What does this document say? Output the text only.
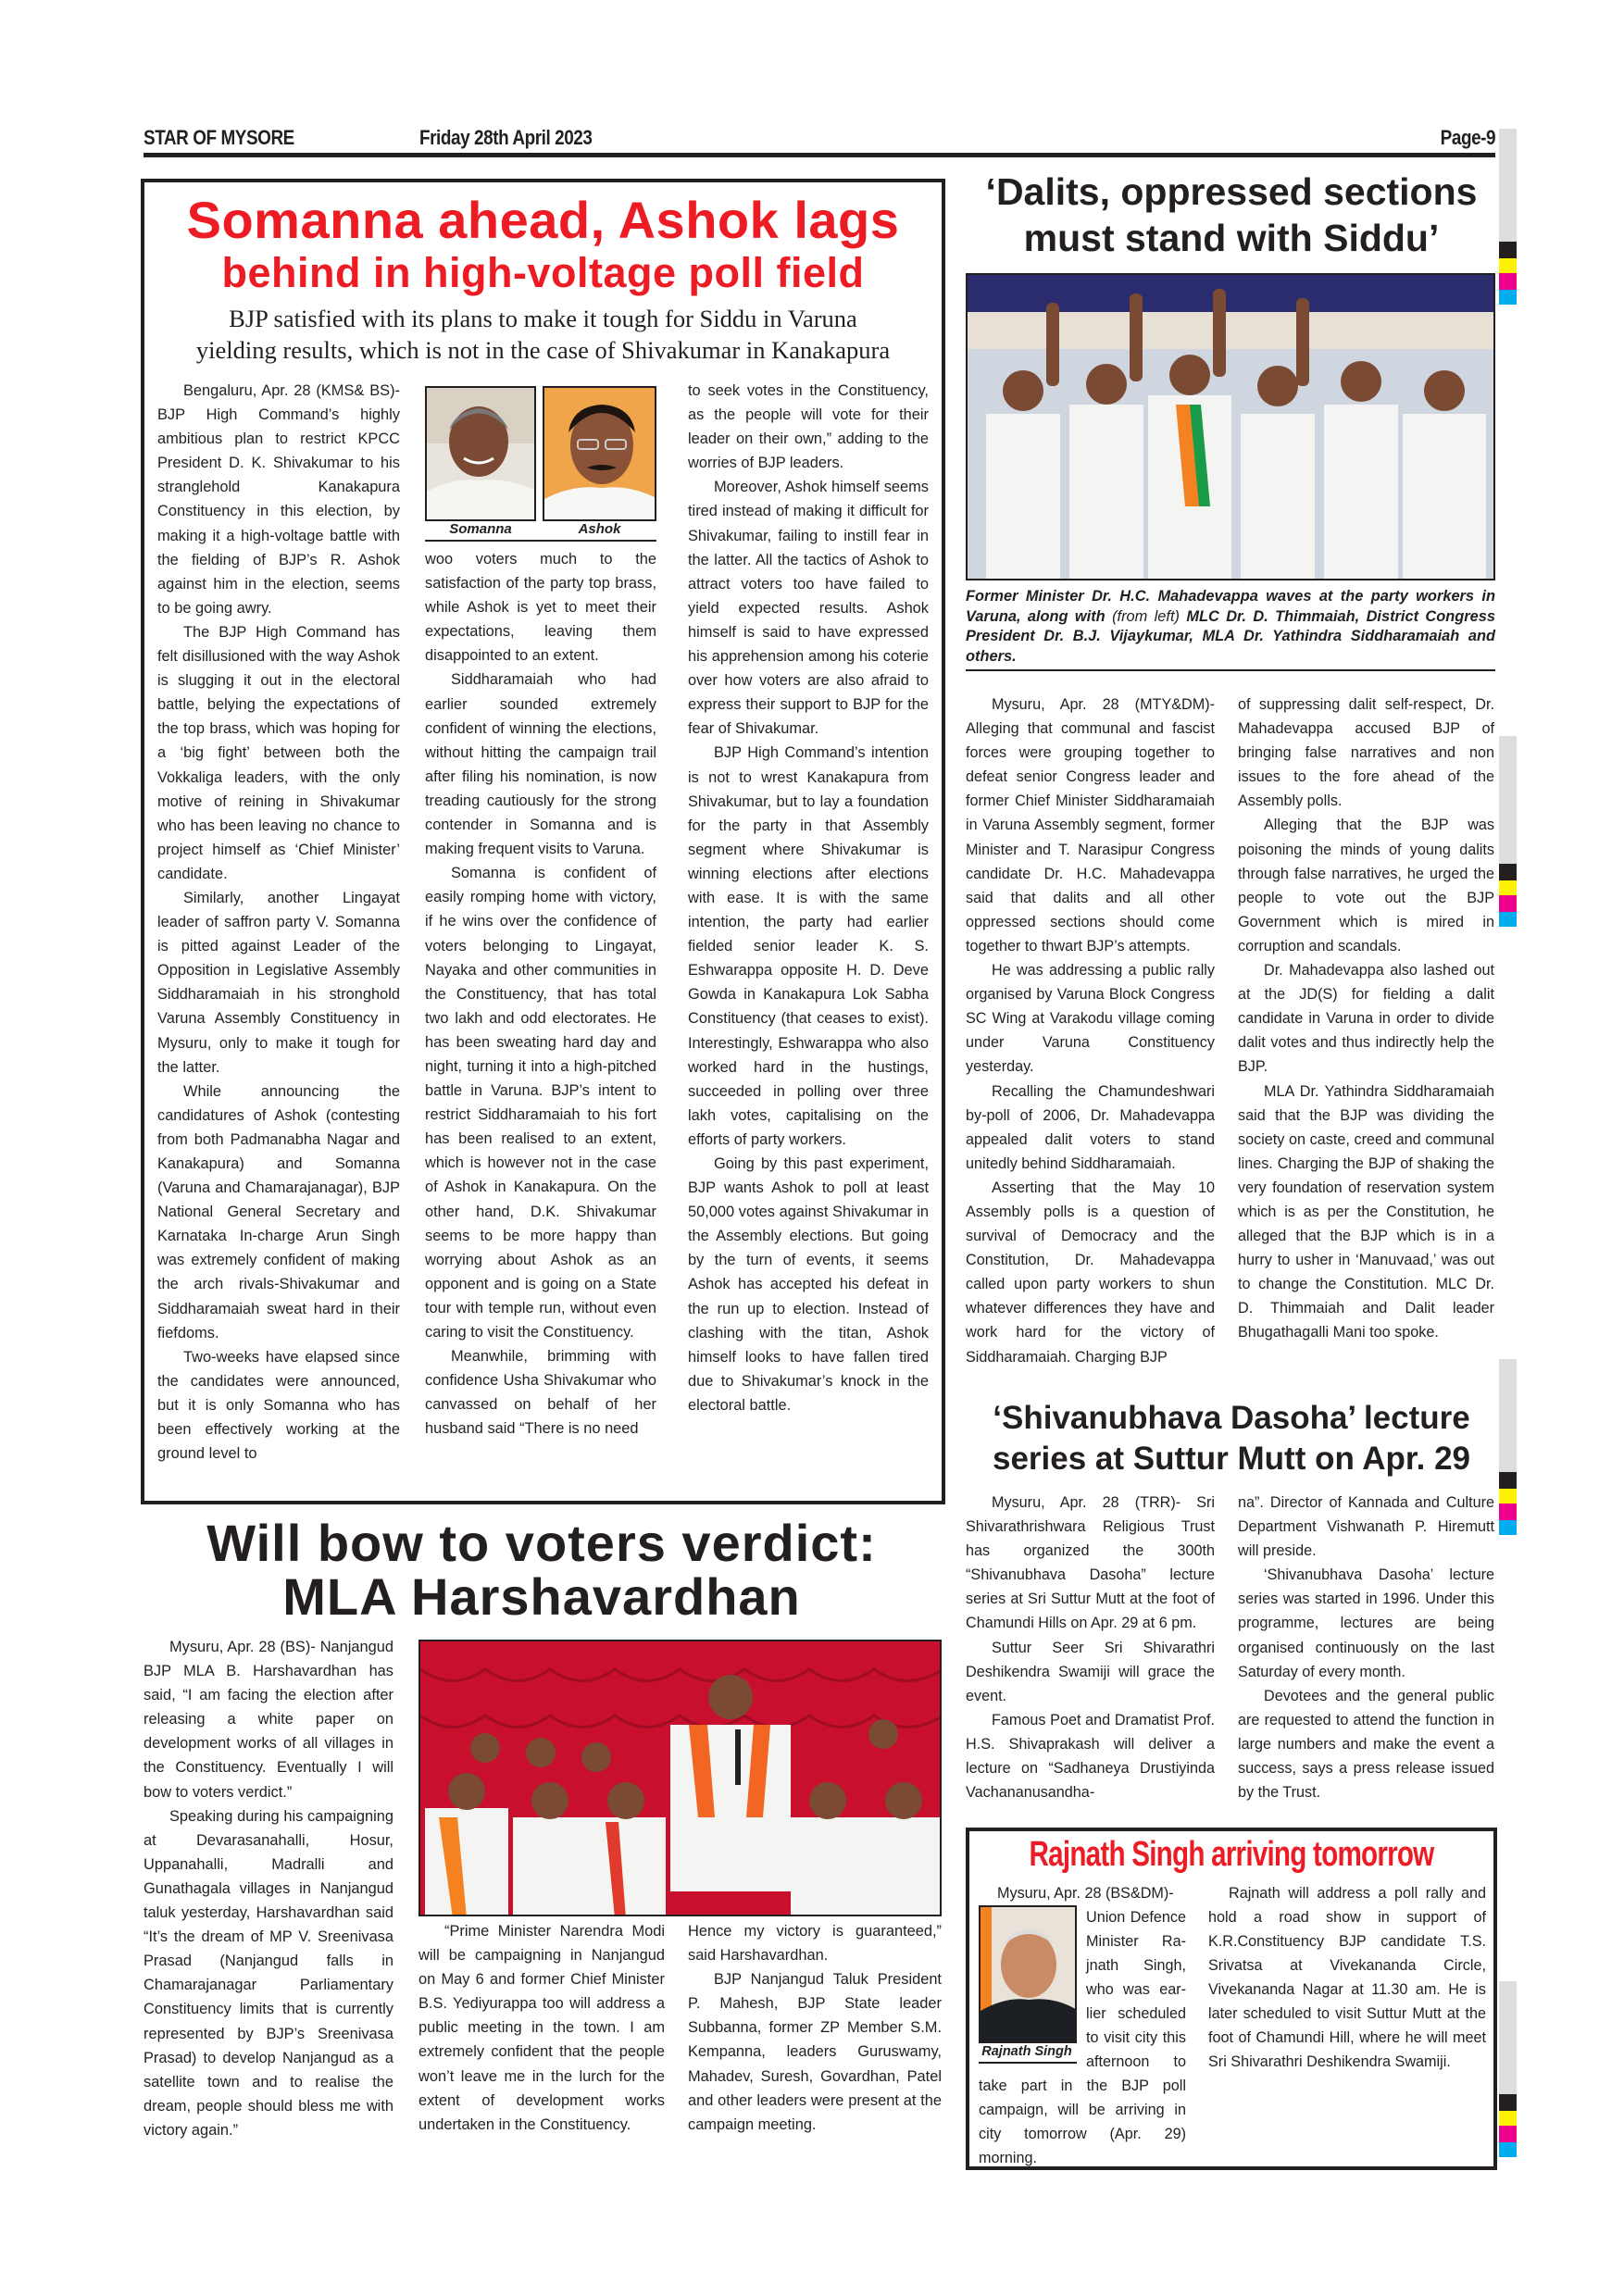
STAR OF MYSORE	Friday 28th April 2023	Page-9
Somanna ahead, Ashok lags
behind in high-voltage poll field
BJP satisfied with its plans to make it tough for Siddu in Varuna
yielding results, which is not in the case of Shivakumar in Kanakapura
Somanna	Ashok

Bengaluru, Apr. 28 (KMS& BS)- BJP High Command’s highly ambitious plan to restrict KPCC President D. K. Shivakumar to his stranglehold Kanakapura Constituency in this election, by making it a high-voltage battle with the fielding of BJP’s R. Ashok against him in the election, seems to be going awry.

The BJP High Command has felt disillusioned with the way Ashok is slugging it out in the electoral battle, belying the expectations of the top brass, which was hoping for a ‘big fight’ between both the Vokkaliga leaders, with the only motive of reining in Shivakumar who has been leaving no chance to project himself as ‘Chief Minister’ candidate.

Similarly, another Lingayat leader of saffron party V. Somanna is pitted against Leader of the Opposition in Legislative Assembly Siddharamaiah in his stronghold Varuna Assembly Constituency in Mysuru, only to make it tough for the latter.

While announcing the candidatures of Ashok (contesting from both Padmanabha Nagar and Kanakapura) and Somanna (Varuna and Chamarajanagar), BJP National General Secretary and Karnataka In-charge Arun Singh was extremely confident of making the arch rivals-Shivakumar and Siddharamaiah sweat hard in their fiefdoms.

Two-weeks have elapsed since the candidates were announced, but it is only Somanna who has been effectively working at the ground level to

woo voters much to the satisfaction of the party top brass, while Ashok is yet to meet their expectations, leaving them disappointed to an extent.

Siddharamaiah who had earlier sounded extremely confident of winning the elections, without hitting the campaign trail after filing his nomination, is now treading cautiously for the strong contender in Somanna and is making frequent visits to Varuna.

Somanna is confident of easily romping home with victory, if he wins over the confidence of voters belonging to Lingayat, Nayaka and other communities in the Constituency, that has total two lakh and odd electorates. He has been sweating hard day and night, turning it into a high-pitched battle in Varuna. BJP’s intent to restrict Siddharamaiah to his fort has been realised to an extent, which is however not in the case of Ashok in Kanakapura. On the other hand, D.K. Shivakumar seems to be more happy than worrying about Ashok as an opponent and is going on a State tour with temple run, without even caring to visit the Constituency.

Meanwhile, brimming with confidence Usha Shivakumar who canvassed on behalf of her husband said “There is no need

to seek votes in the Constituency, as the people will vote for their leader on their own,” adding to the worries of BJP leaders.

Moreover, Ashok himself seems tired instead of making it difficult for Shivakumar, failing to instill fear in the latter. All the tactics of Ashok to attract voters too have failed to yield expected results. Ashok himself is said to have expressed his apprehension among his coterie over how voters are also afraid to express their support to BJP for the fear of Shivakumar.

BJP High Command’s intention is not to wrest Kanakapura from Shivakumar, but to lay a foundation for the party in that Assembly segment where Shivakumar is winning elections after elections with ease. It is with the same intention, the party had earlier fielded senior leader K. S. Eshwarappa opposite H. D. Deve Gowda in Kanakapura Lok Sabha Constituency (that ceases to exist). Interestingly, Eshwarappa who also worked hard in the hustings, succeeded in polling over three lakh votes, capitalising on the efforts of party workers.

Going by this past experiment, BJP wants Ashok to poll at least 50,000 votes against Shivakumar in the Assembly elections. But going by the turn of events, it seems Ashok has accepted his defeat in the run up to election. Instead of clashing with the titan, Ashok himself looks to have fallen tired due to Shivakumar’s knock in the electoral battle.

‘Dalits, oppressed sections
must stand with Siddu’
Former Minister Dr. H.C. Mahadevappa waves at the party workers in Varuna, along with (from left) MLC Dr. D. Thimmaiah, District Congress President Dr. B.J. Vijaykumar, MLA Dr. Yathindra Siddharamaiah and others.

Mysuru, Apr. 28 (MTY&DM)- Alleging that communal and fascist forces were grouping together to defeat senior Congress leader and former Chief Minister Siddharamaiah in Varuna Assembly segment, former Minister and T. Narasipur Congress candidate Dr. H.C. Mahadevappa said that dalits and all other oppressed sections should come together to thwart BJP’s attempts.

He was addressing a public rally organised by Varuna Block Congress SC Wing at Varakodu village coming under Varuna Constituency yesterday.

Recalling the Chamundeshwari by-poll of 2006, Dr. Mahadevappa appealed dalit voters to stand unitedly behind Siddharamaiah.

Asserting that the May 10 Assembly polls is a question of survival of Democracy and the Constitution, Dr. Mahadevappa called upon party workers to shun whatever differences they have and work hard for the victory of Siddharamaiah. Charging BJP

of suppressing dalit self-respect, Dr. Mahadevappa accused BJP of bringing false narratives and non issues to the fore ahead of the Assembly polls.

Alleging that the BJP was poisoning the minds of young dalits through false narratives, he urged the people to vote out the BJP Government which is mired in corruption and scandals.

Dr. Mahadevappa also lashed out at the JD(S) for fielding a dalit candidate in Varuna in order to divide dalit votes and thus indirectly help the BJP.

MLA Dr. Yathindra Siddharamaiah said that the BJP was dividing the society on caste, creed and communal lines. Charging the BJP of shaking the very foundation of reservation system which is as per the Constitution, he alleged that the BJP which is in a hurry to usher in ‘Manuvaad,’ was out to change the Constitution. MLC Dr. D. Thimmaiah and Dalit leader Bhugathagalli Mani too spoke.

‘Shivanubhava Dasoha’ lecture
series at Suttur Mutt on Apr. 29

Mysuru, Apr. 28 (TRR)- Sri Shivarathrishwara Religious Trust has organized the 300th “Shivanubhava Dasoha” lecture series at Sri Suttur Mutt at the foot of Chamundi Hills on Apr. 29 at 6 pm.

Suttur Seer Sri Shivarathri Deshikendra Swamiji will grace the event.

Famous Poet and Dramatist Prof. H.S. Shivaprakash will deliver a lecture on “Sadhaneya Drustiyinda Vachananusandha-

na”. Director of Kannada and Culture Department Vishwanath P. Hiremutt will preside.

‘Shivanubhava Dasoha’ lecture series was started in 1996. Under this programme, lectures are being organised continuously on the last Saturday of every month.

Devotees and the general public are requested to attend the function in large numbers and make the event a success, says a press release issued by the Trust.

Rajnath Singh arriving tomorrow
Mysuru, Apr. 28 (BS&DM)-
Rajnath Singh
Union Defence
Minister Ra-
jnath Singh,
who was ear-
lier scheduled
to visit city this
afternoon to
take part in the BJP poll campaign, will be arriving in city tomorrow (Apr. 29) morning.
Rajnath will address a poll rally and hold a road show in support of K.R.Constituency BJP candidate T.S. Srivatsa at Vivekananda Circle, Vivekananda Nagar at 11.30 am. He is later scheduled to visit Suttur Mutt at the foot of Chamundi Hill, where he will meet Sri Shivarathri Deshikendra Swamiji.
Will bow to voters verdict:
MLA Harshavardhan

Mysuru, Apr. 28 (BS)- Nanjangud BJP MLA B. Harshavardhan has said, “I am facing the election after releasing a white paper on development works of all villages in the Constituency. Eventually I will bow to voters verdict.”

Speaking during his campaigning at Devarasanahalli, Hosur, Uppanahalli, Madralli and Gunathagala villages in Nanjangud taluk yesterday, Harshavardhan said “It’s the dream of MP V. Sreenivasa Prasad (Nanjangud falls in Chamarajanagar Parliamentary Constituency limits that is currently represented by BJP’s Sreenivasa Prasad) to develop Nanjangud as a satellite town and to realise the dream, people should bless me with victory again.”

“Prime Minister Narendra Modi will be campaigning in Nanjangud on May 6 and former Chief Minister B.S. Yediyurappa too will address a public meeting in the town. I am extremely confident that the people won’t leave me in the lurch for the extent of development works undertaken in the Constituency.

Hence my victory is guaranteed,” said Harshavardhan.

BJP Nanjangud Taluk President P. Mahesh, BJP State leader Subbanna, former ZP Member S.M. Kempanna, leaders Guruswamy, Mahadev, Suresh, Govardhan, Patel and other leaders were present at the campaign meeting.
